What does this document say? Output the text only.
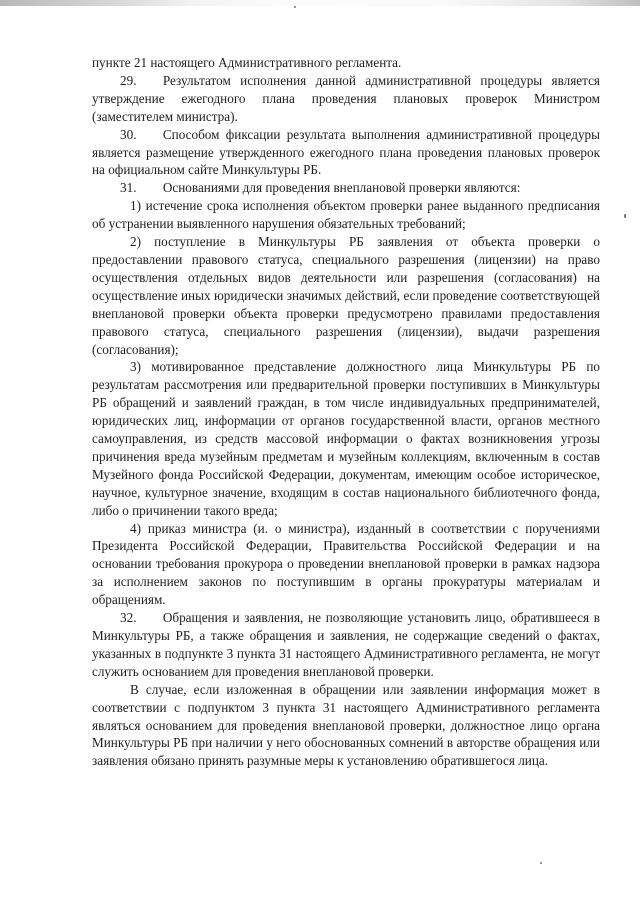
пункте 21 настоящего Административного регламента.

29.  Результатом исполнения данной административной процедуры является утверждение ежегодного плана проведения плановых проверок Министром (заместителем министра).

30.  Способом фиксации результата выполнения административной процедуры является размещение утвержденного ежегодного плана проведения плановых проверок на официальном сайте Минкультуры РБ.

31.  Основаниями для проведения внеплановой проверки являются:

1) истечение срока исполнения объектом проверки ранее выданного предписания об устранении выявленного нарушения обязательных требований;

2) поступление в Минкультуры РБ заявления от объекта проверки о предоставлении правового статуса, специального разрешения (лицензии) на право осуществления отдельных видов деятельности или разрешения (согласования) на осуществление иных юридически значимых действий, если проведение соответствующей внеплановой проверки объекта проверки предусмотрено правилами предоставления правового статуса, специального разрешения (лицензии), выдачи разрешения (согласования);

3) мотивированное представление должностного лица Минкультуры РБ по результатам рассмотрения или предварительной проверки поступивших в Минкультуры РБ обращений и заявлений граждан, в том числе индивидуальных предпринимателей, юридических лиц, информации от органов государственной власти, органов местного самоуправления, из средств массовой информации о фактах возникновения угрозы причинения вреда музейным предметам и музейным коллекциям, включенным в состав Музейного фонда Российской Федерации, документам, имеющим особое историческое, научное, культурное значение, входящим в состав национального библиотечного фонда, либо о причинении такого вреда;

4) приказ министра (и. о министра), изданный в соответствии с поручениями Президента Российской Федерации, Правительства Российской Федерации и на основании требования прокурора о проведении внеплановой проверки в рамках надзора за исполнением законов по поступившим в органы прокуратуры материалам и обращениям.

32.  Обращения и заявления, не позволяющие установить лицо, обратившееся в Минкультуры РБ, а также обращения и заявления, не содержащие сведений о фактах, указанных в подпункте 3 пункта 31 настоящего Административного регламента, не могут служить основанием для проведения внеплановой проверки.

В случае, если изложенная в обращении или заявлении информация может в соответствии с подпунктом 3 пункта 31 настоящего Административного регламента являться основанием для проведения внеплановой проверки, должностное лицо органа Минкультуры РБ при наличии у него обоснованных сомнений в авторстве обращения или заявления обязано принять разумные меры к установлению обратившегося лица.
